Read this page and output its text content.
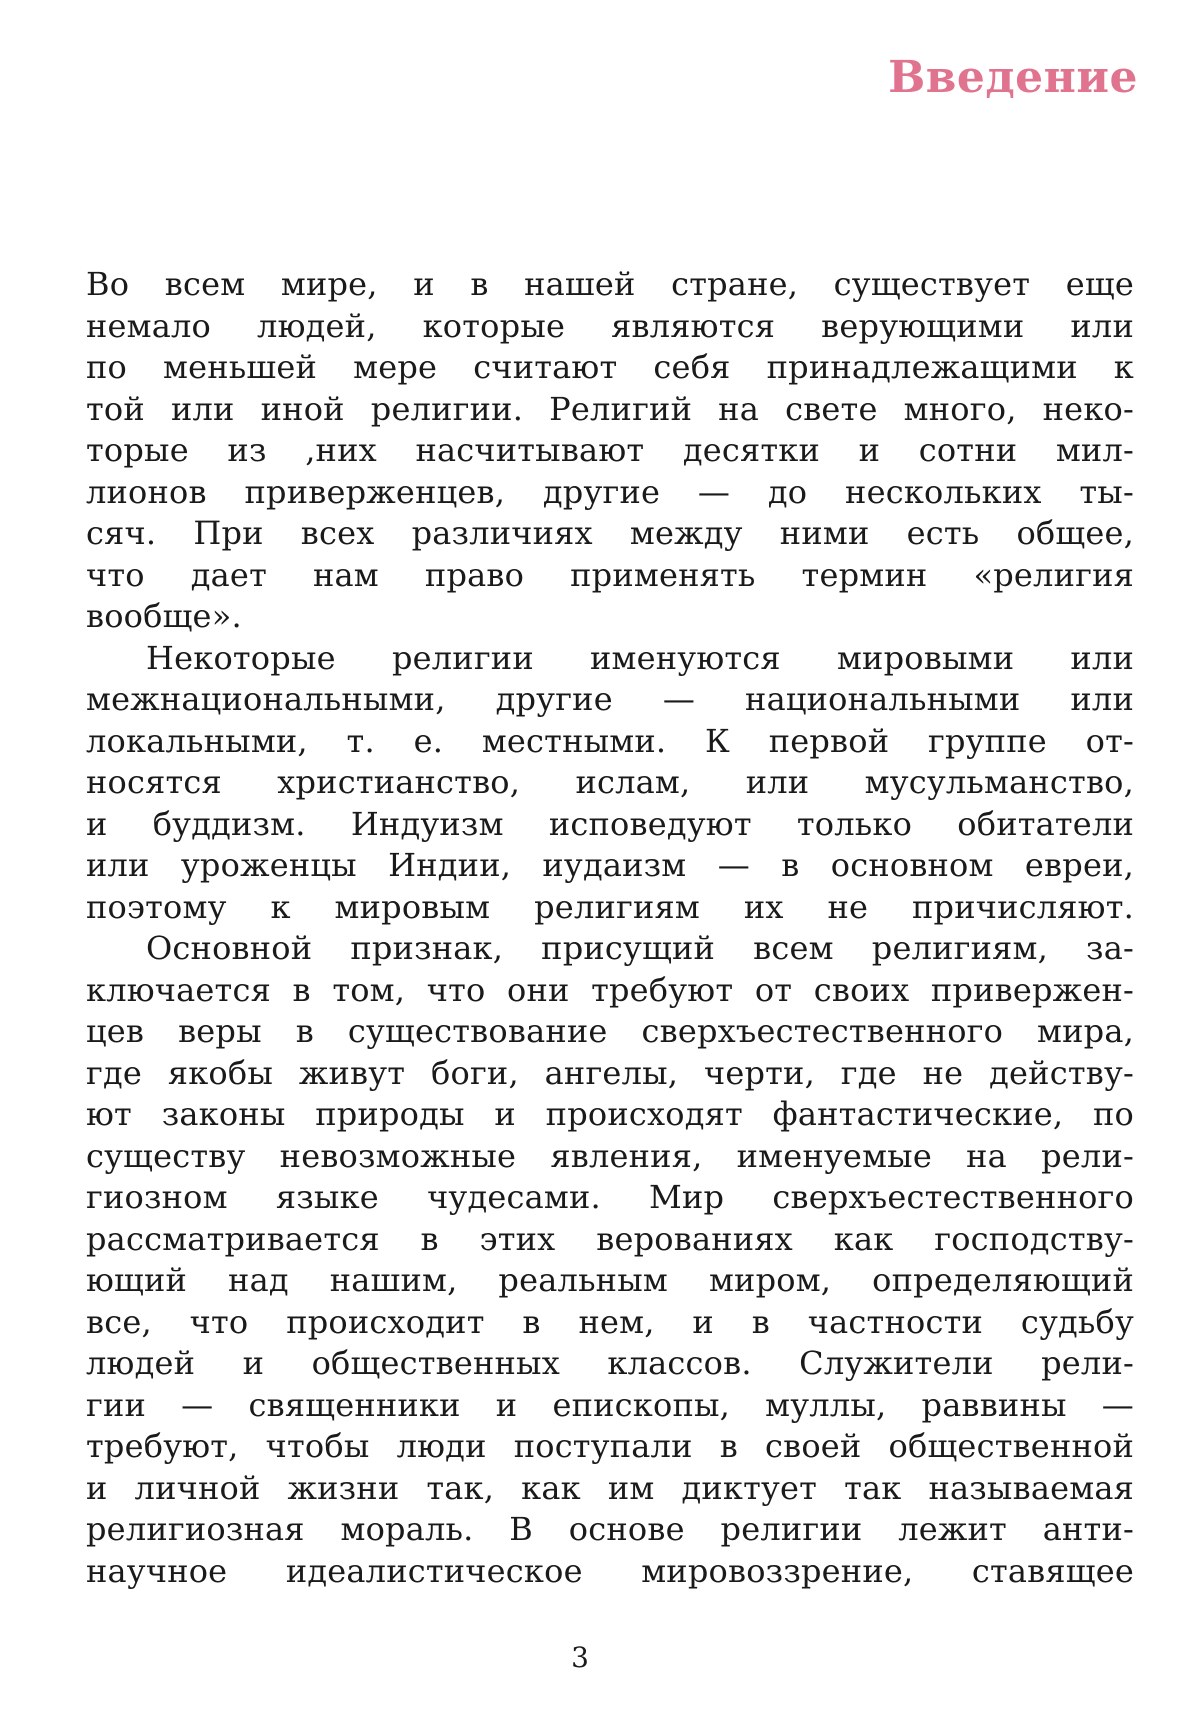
Введение

Во всем мире, и в нашей стране, существует еще
немало людей, которые являются верующими или
по меньшей мере считают себя принадлежащими к
той или иной религии. Религий на свете много, неко-
торые из ,них насчитывают десятки и сотни мил-
лионов приверженцев, другие — до нескольких ты-
сяч. При всех различиях между ними есть общее,
что дает нам право применять термин «религия
вообще».

Некоторые религии именуются мировыми или
межнациональными, другие — национальными или
локальными, т. е. местными. К первой группе от-
носятся христианство, ислам, или мусульманство,
и буддизм. Индуизм исповедуют только обитатели
или уроженцы Индии, иудаизм — в основном евреи,
поэтому к мировым религиям их не причисляют.

Основной признак, присущий всем религиям, за-
ключается в том, что они требуют от своих привержен-
цев веры в существование сверхъестественного мира,
где якобы живут боги, ангелы, черти, где не действу-
ют законы природы и происходят фантастические, по
существу невозможные явления, именуемые на рели-
гиозном языке чудесами. Мир сверхъестественного
рассматривается в этих верованиях как господству-
ющий над нашим, реальным миром, определяющий
все, что происходит в нем, и в частности судьбу
людей и общественных классов. Служители рели-
гии — священники и епископы, муллы, раввины —
требуют, чтобы люди поступали в своей общественной
и личной жизни так, как им диктует так называемая
религиозная мораль. В основе религии лежит анти-
научное идеалистическое мировоззрение, ставящее

3
